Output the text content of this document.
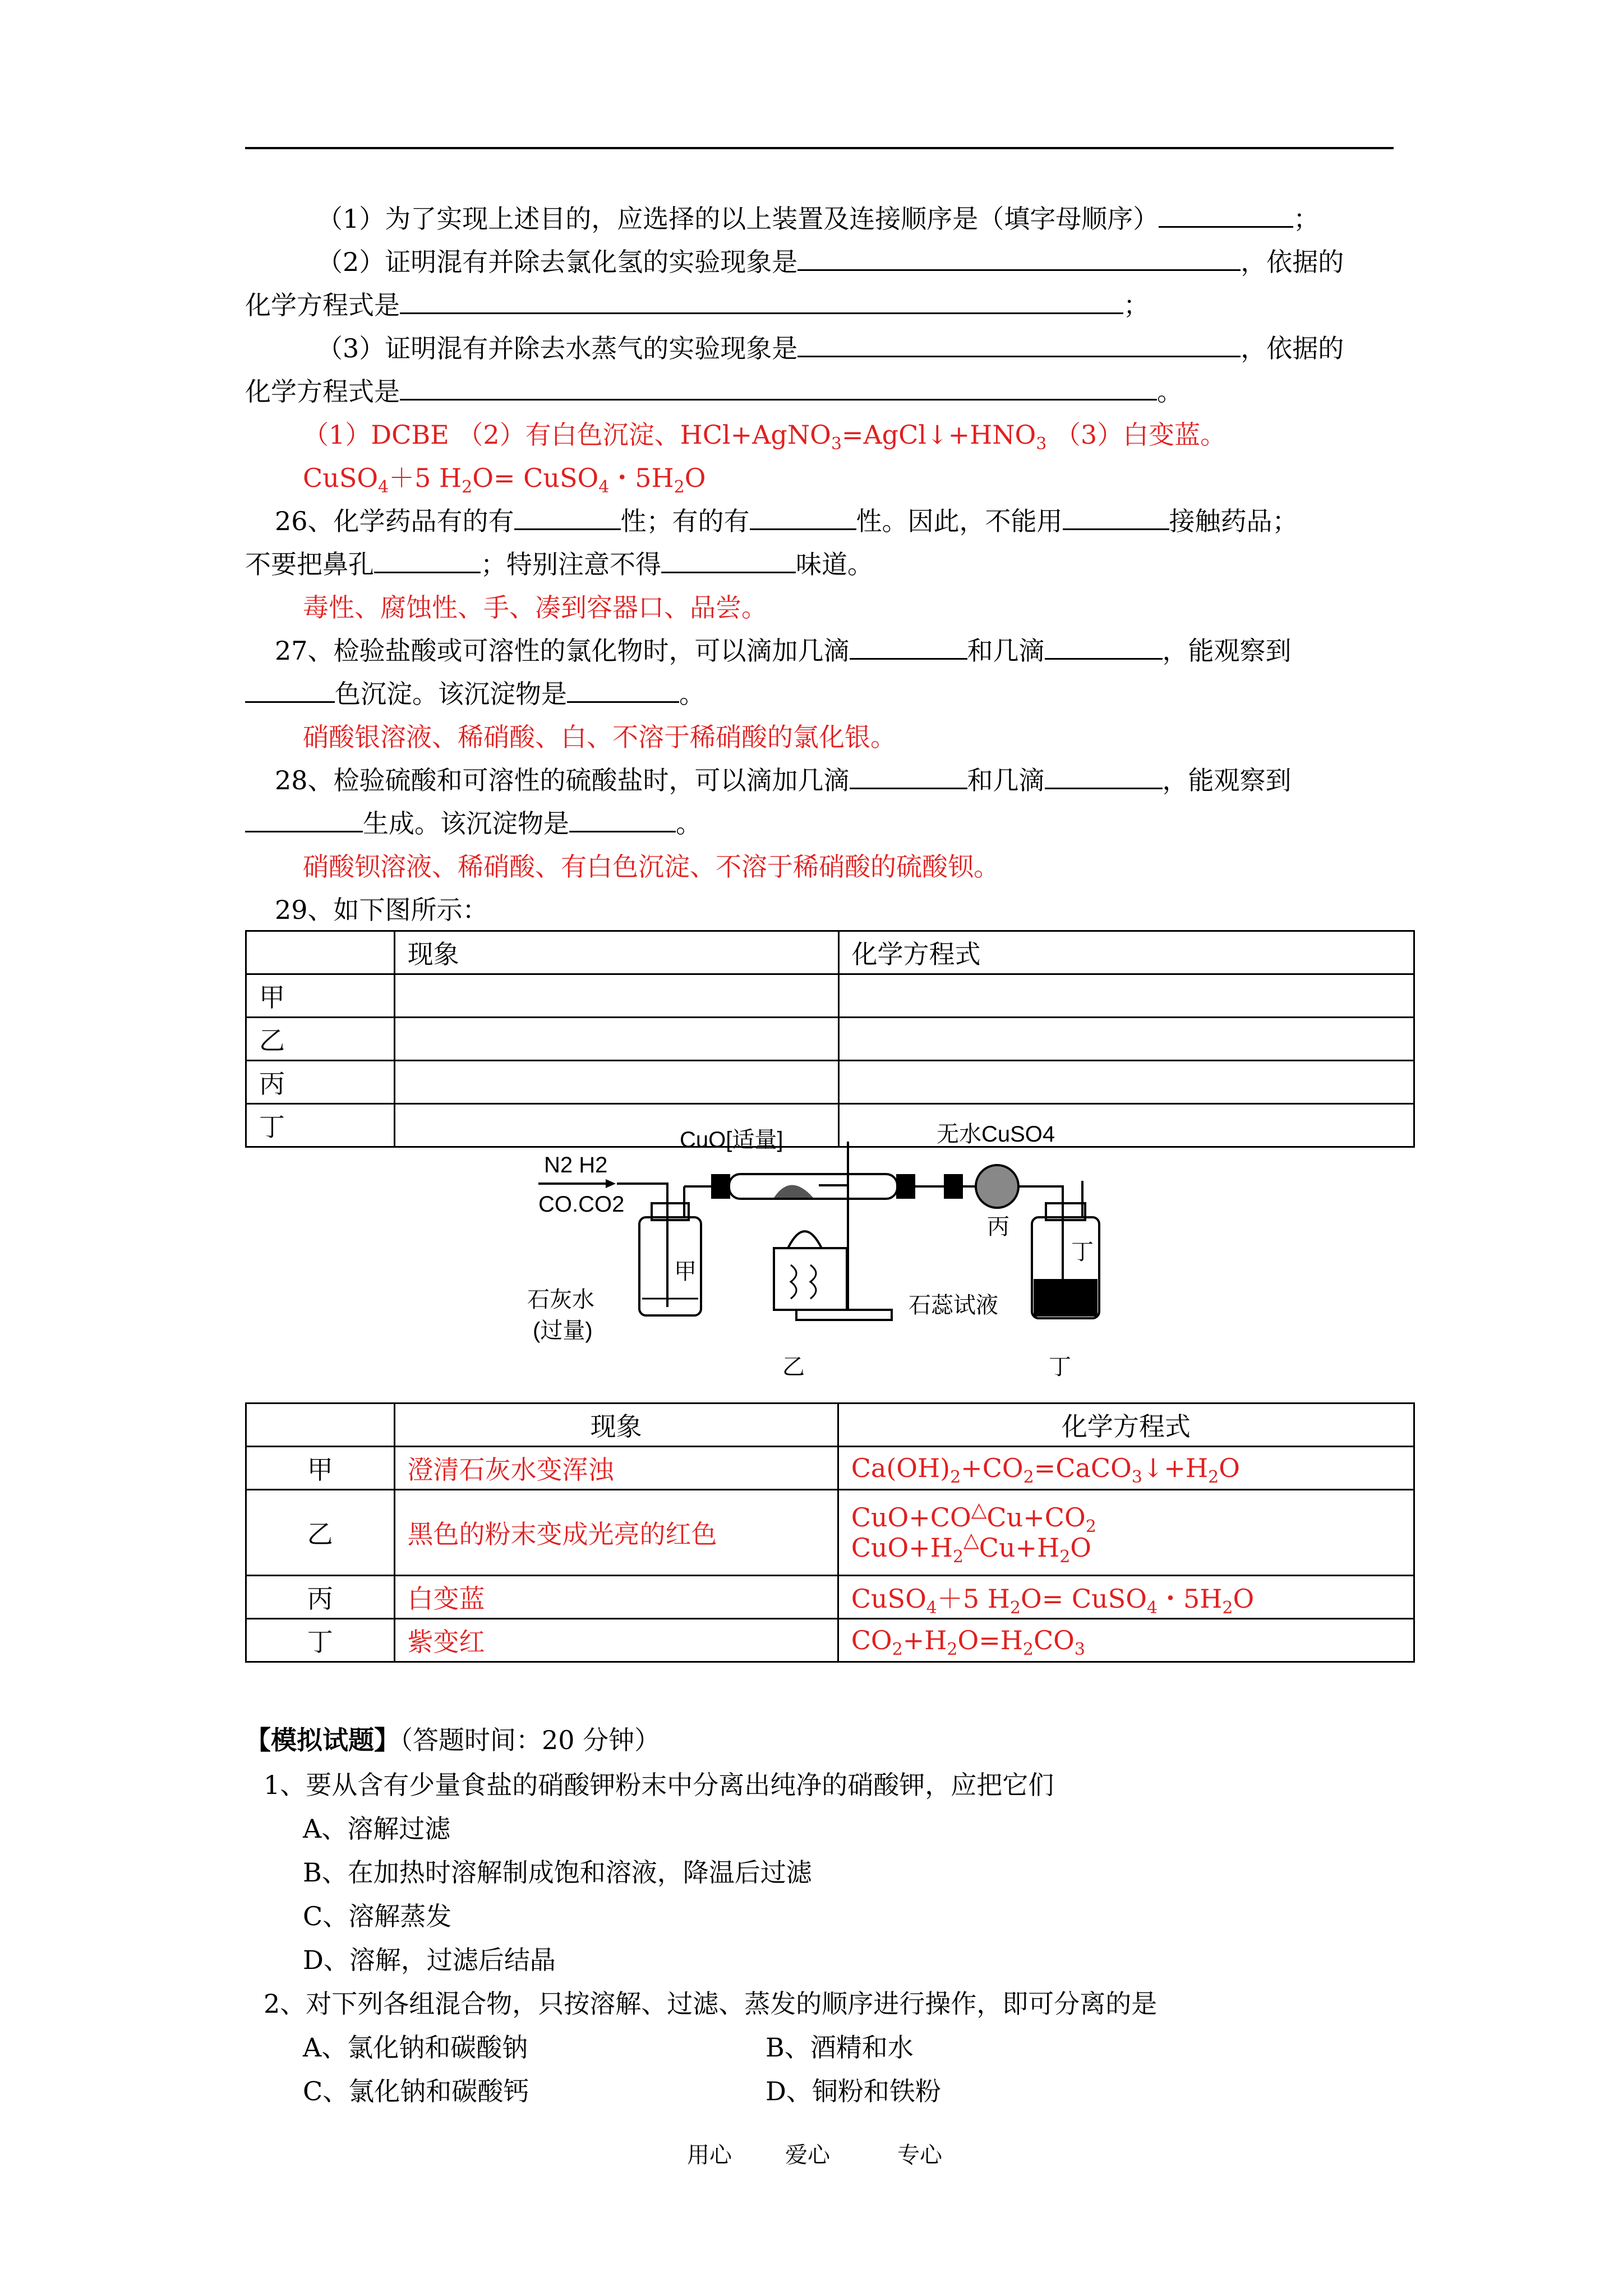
（1）为了实现上述目的，应选择的以上装置及连接顺序是（填字母顺序）	；
（2）证明混有并除去氯化氢的实验现象是	，依据的
化学方程式是	；
（3）证明混有并除去水蒸气的实验现象是	，依据的
化学方程式是	。
（1）DCBE （2）有白色沉淀、$HCl+AgNO_3=AgCl↓+HNO_3$ （3）白变蓝。
CuSO$_4$＋5 $H_2O=$ CuSO$_4$・$5H_2O$
26、化学药品有的有	性；有的有	性。因此，不能用	接触药品；
不要把鼻孔	；特别注意不得	味道。
毒性、腐蚀性、手、凑到容器口、品尝。
27、检验盐酸或可溶性的氯化物时，可以滴加几滴	和几滴	，能观察到
色沉淀。该沉淀物是	。
硝酸银溶液、稀硝酸、白、不溶于稀硝酸的氯化银。
28、检验硫酸和可溶性的硫酸盐时，可以滴加几滴	和几滴	，能观察到
生成。该沉淀物是	。
硝酸钡溶液、稀硝酸、有白色沉淀、不溶于稀硝酸的硫酸钡。
29、如下图所示：
	现象	化学方程式
甲		
乙		
丙		
丁		
N2 H2
CO.CO2
甲
石灰水
(过量)
CuO[适量]
乙
无水CuSO4
丙
丁
石蕊试液
丁
	现象	化学方程式
甲	澄清石灰水变浑浊	$Ca(OH)_2+CO_2=CaCO_3↓+H_2O$
乙	黑色的粉末变成光亮的红色	$CuO+CO^\triangle Cu+CO_2$
$CuO+H_2^\triangle Cu+H_2O$

丙	白变蓝	CuSO$_4$＋5 $H_2O=$ CuSO$_4$・$5H_2O$
丁	紫变红	$CO_2+H_2O=H_2CO_3$
【模拟试题】（答题时间：20 分钟）
1、要从含有少量食盐的硝酸钾粉末中分离出纯净的硝酸钾，应把它们
A、溶解过滤
B、在加热时溶解制成饱和溶液，降温后过滤
C、溶解蒸发
D、溶解，过滤后结晶
2、对下列各组混合物，只按溶解、过滤、蒸发的顺序进行操作，即可分离的是
A、氯化钠和碳酸钠	B、酒精和水
C、氯化钠和碳酸钙	D、铜粉和铁粉
用心 爱心	专心
